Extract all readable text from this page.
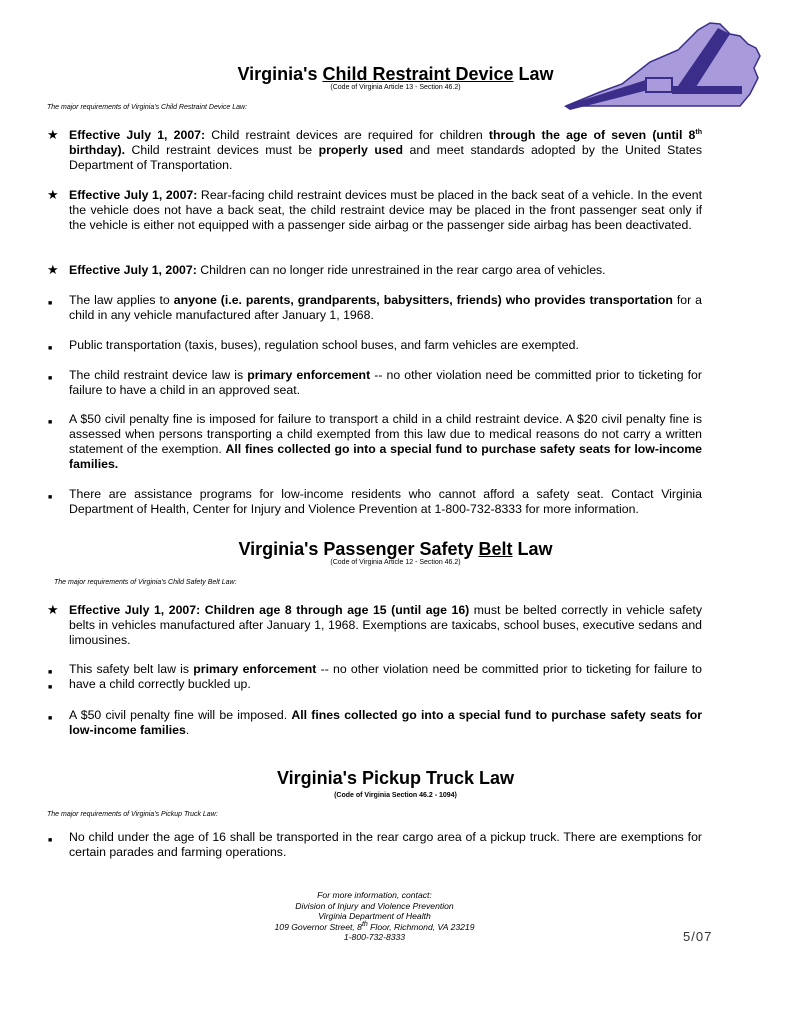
Virginia's Child Restraint Device Law
(Code of Virginia Article 13 - Section 46.2)
The major requirements of Virginia's Child Restraint Device Law:
★ Effective July 1, 2007: Child restraint devices are required for children through the age of seven (until 8th birthday). Child restraint devices must be properly used and meet standards adopted by the United States Department of Transportation.
★ Effective July 1, 2007: Rear-facing child restraint devices must be placed in the back seat of a vehicle. In the event the vehicle does not have a back seat, the child restraint device may be placed in the front passenger seat only if the vehicle is either not equipped with a passenger side airbag or the passenger side airbag has been deactivated.
★ Effective July 1, 2007: Children can no longer ride unrestrained in the rear cargo area of vehicles.
■	The law applies to anyone (i.e. parents, grandparents, babysitters, friends) who provides transportation for a child in any vehicle manufactured after January 1, 1968.
■	Public transportation (taxis, buses), regulation school buses, and farm vehicles are exempted.
■	The child restraint device law is primary enforcement -- no other violation need be committed prior to ticketing for failure to have a child in an approved seat.
■	A $50 civil penalty fine is imposed for failure to transport a child in a child restraint device. A $20 civil penalty fine is assessed when persons transporting a child exempted from this law due to medical reasons do not carry a written statement of the exemption. All fines collected go into a special fund to purchase safety seats for low-income families.
■	There are assistance programs for low-income residents who cannot afford a safety seat. Contact Virginia Department of Health, Center for Injury and Violence Prevention at 1-800-732-8333 for more information.
Virginia's Passenger Safety Belt Law
(Code of Virginia Article 12 - Section 46.2)
The major requirements of Virginia's Child Safety Belt Law:
★ Effective July 1, 2007: Children age 8 through age 15 (until age 16) must be belted correctly in vehicle safety belts in vehicles manufactured after January 1, 1968. Exemptions are taxicabs, school buses, executive sedans and limousines.
■
■
This safety belt law is primary enforcement -- no other violation need be committed prior to ticketing for failure to have a child correctly buckled up.
■	A $50 civil penalty fine will be imposed. All fines collected go into a special fund to purchase safety seats for low-income families.
Virginia's Pickup Truck Law
(Code of Virginia Section 46.2 - 1094)
The major requirements of Virginia's Pickup Truck Law:
■	No child under the age of 16 shall be transported in the rear cargo area of a pickup truck. There are exemptions for certain parades and farming operations.
For more information, contact:
Division of Injury and Violence Prevention
Virginia Department of Health
109 Governor Street, 8th Floor, Richmond, VA 23219
1-800-732-8333	5/07
